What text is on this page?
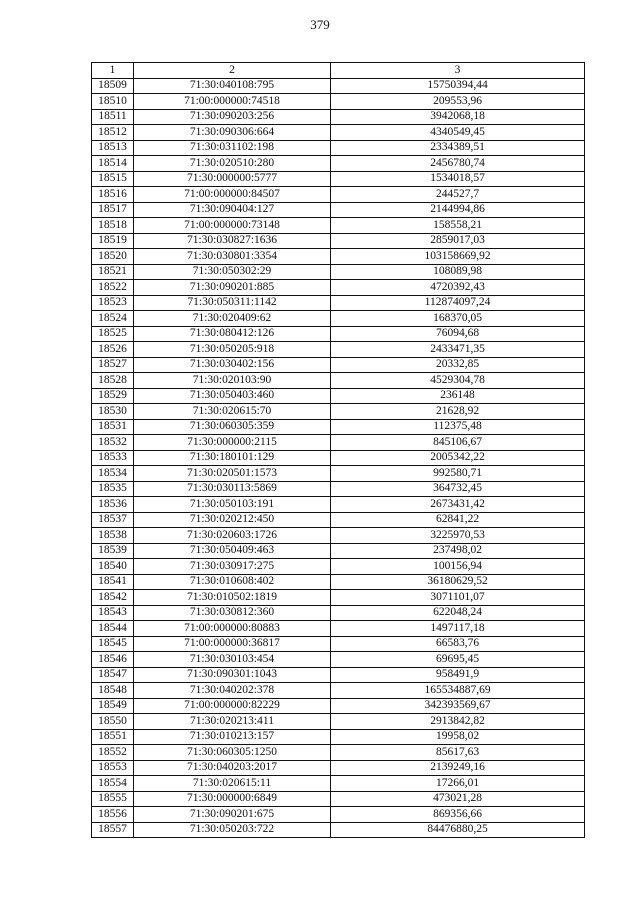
379
1	2	3
18509	71:30:040108:795	15750394,44
18510	71:00:000000:74518	209553,96
18511	71:30:090203:256	3942068,18
18512	71:30:090306:664	4340549,45
18513	71:30:031102:198	2334389,51
18514	71:30:020510:280	2456780,74
18515	71:30:000000:5777	1534018,57
18516	71:00:000000:84507	244527,7
18517	71:30:090404:127	2144994,86
18518	71:00:000000:73148	158558,21
18519	71:30:030827:1636	2859017,03
18520	71:30:030801:3354	103158669,92
18521	71:30:050302:29	108089,98
18522	71:30:090201:885	4720392,43
18523	71:30:050311:1142	112874097,24
18524	71:30:020409:62	168370,05
18525	71:30:080412:126	76094,68
18526	71:30:050205:918	2433471,35
18527	71:30:030402:156	20332,85
18528	71:30:020103:90	4529304,78
18529	71:30:050403:460	236148
18530	71:30:020615:70	21628,92
18531	71:30:060305:359	112375,48
18532	71:30:000000:2115	845106,67
18533	71:30:180101:129	2005342,22
18534	71:30:020501:1573	992580,71
18535	71:30:030113:5869	364732,45
18536	71:30:050103:191	2673431,42
18537	71:30:020212:450	62841,22
18538	71:30:020603:1726	3225970,53
18539	71:30:050409:463	237498,02
18540	71:30:030917:275	100156,94
18541	71:30:010608:402	36180629,52
18542	71:30:010502:1819	3071101,07
18543	71:30:030812:360	622048,24
18544	71:00:000000:80883	1497117,18
18545	71:00:000000:36817	66583,76
18546	71:30:030103:454	69695,45
18547	71:30:090301:1043	958491,9
18548	71:30:040202:378	165534887,69
18549	71:00:000000:82229	342393569,67
18550	71:30:020213:411	2913842,82
18551	71:30:010213:157	19958,02
18552	71:30:060305:1250	85617,63
18553	71:30:040203:2017	2139249,16
18554	71:30:020615:11	17266,01
18555	71:30:000000:6849	473021,28
18556	71:30:090201:675	869356,66
18557	71:30:050203:722	84476880,25
